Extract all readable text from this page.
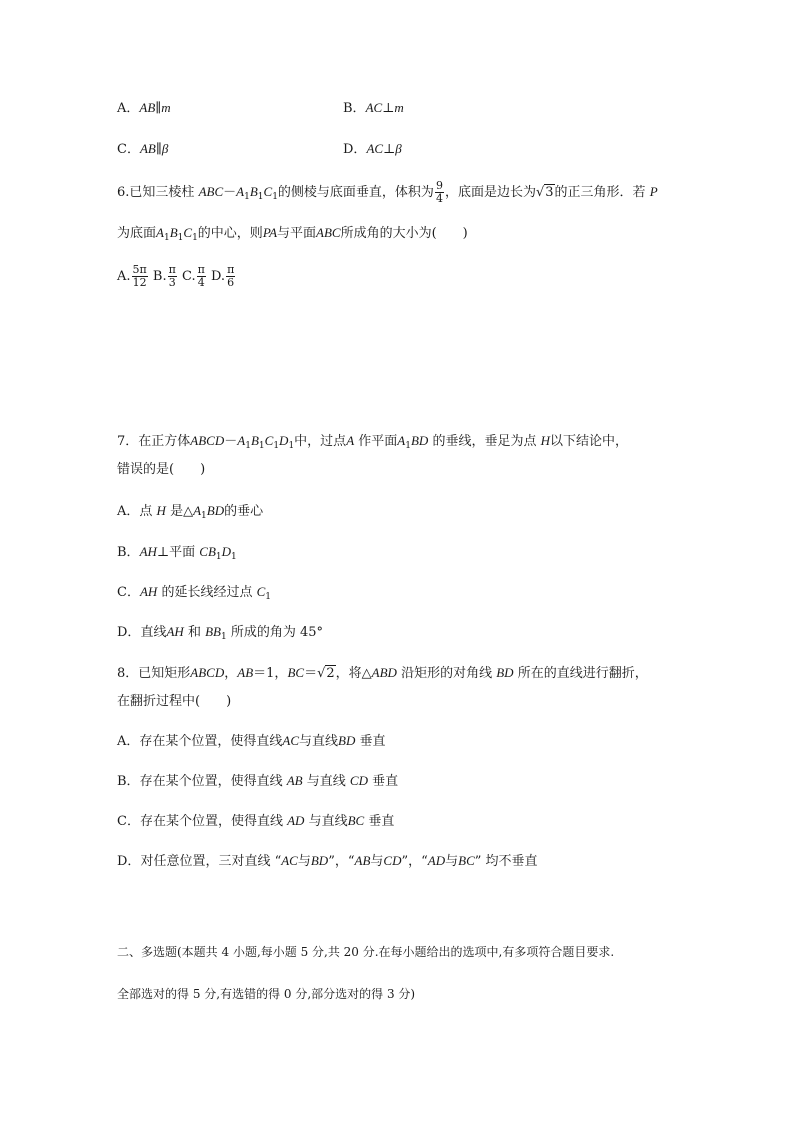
A．AB∥m	B．AC⊥m
C．AB∥β	D．AC⊥β
6.已知三棱柱 $ABC-A_1B_1C_1$的侧棱与底面垂直，体积为 $\frac{9}{4}$ ，底面是边长为√3的正三角形．若 P
为底面$A_1B_1C_1$的中心，则PA与平面ABC所成角的大小为(　　)
A. $\frac{5\pi}{12} B$. $\frac{\pi}{3} C$. $\frac{\pi}{4} D$. $\frac{\pi}{6}$
7．在正方体$ABCD-A_1B_1C_1D_1$中，过点A 作平面$A_1BD$ 的垂线，垂足为点 H以下结论中，
错误的是(　　)
A．点 H 是$\triangle A_1BD$的垂心
B．AH⊥平面 $CB_1D_1$
C．AH 的延长线经过点 $C_1$
D．直线AH 和 $BB_1$ 所成的角为 45°
8．已知矩形ABCD，AB＝1，BC＝√2，将△ABD 沿矩形的对角线 BD 所在的直线进行翻折，
在翻折过程中(　　)
A．存在某个位置，使得直线AC与直线BD 垂直
B．存在某个位置，使得直线 AB 与直线 CD 垂直
C．存在某个位置，使得直线 AD 与直线BC 垂直
D．对任意位置，三对直线 “AC与BD”，“AB与CD”，“AD与BC” 均不垂直
二、多选题(本题共 4 小题,每小题 5 分,共 20 分.在每小题给出的选项中,有多项符合题目要求.
全部选对的得 5 分,有选错的得 0 分,部分选对的得 3 分)
